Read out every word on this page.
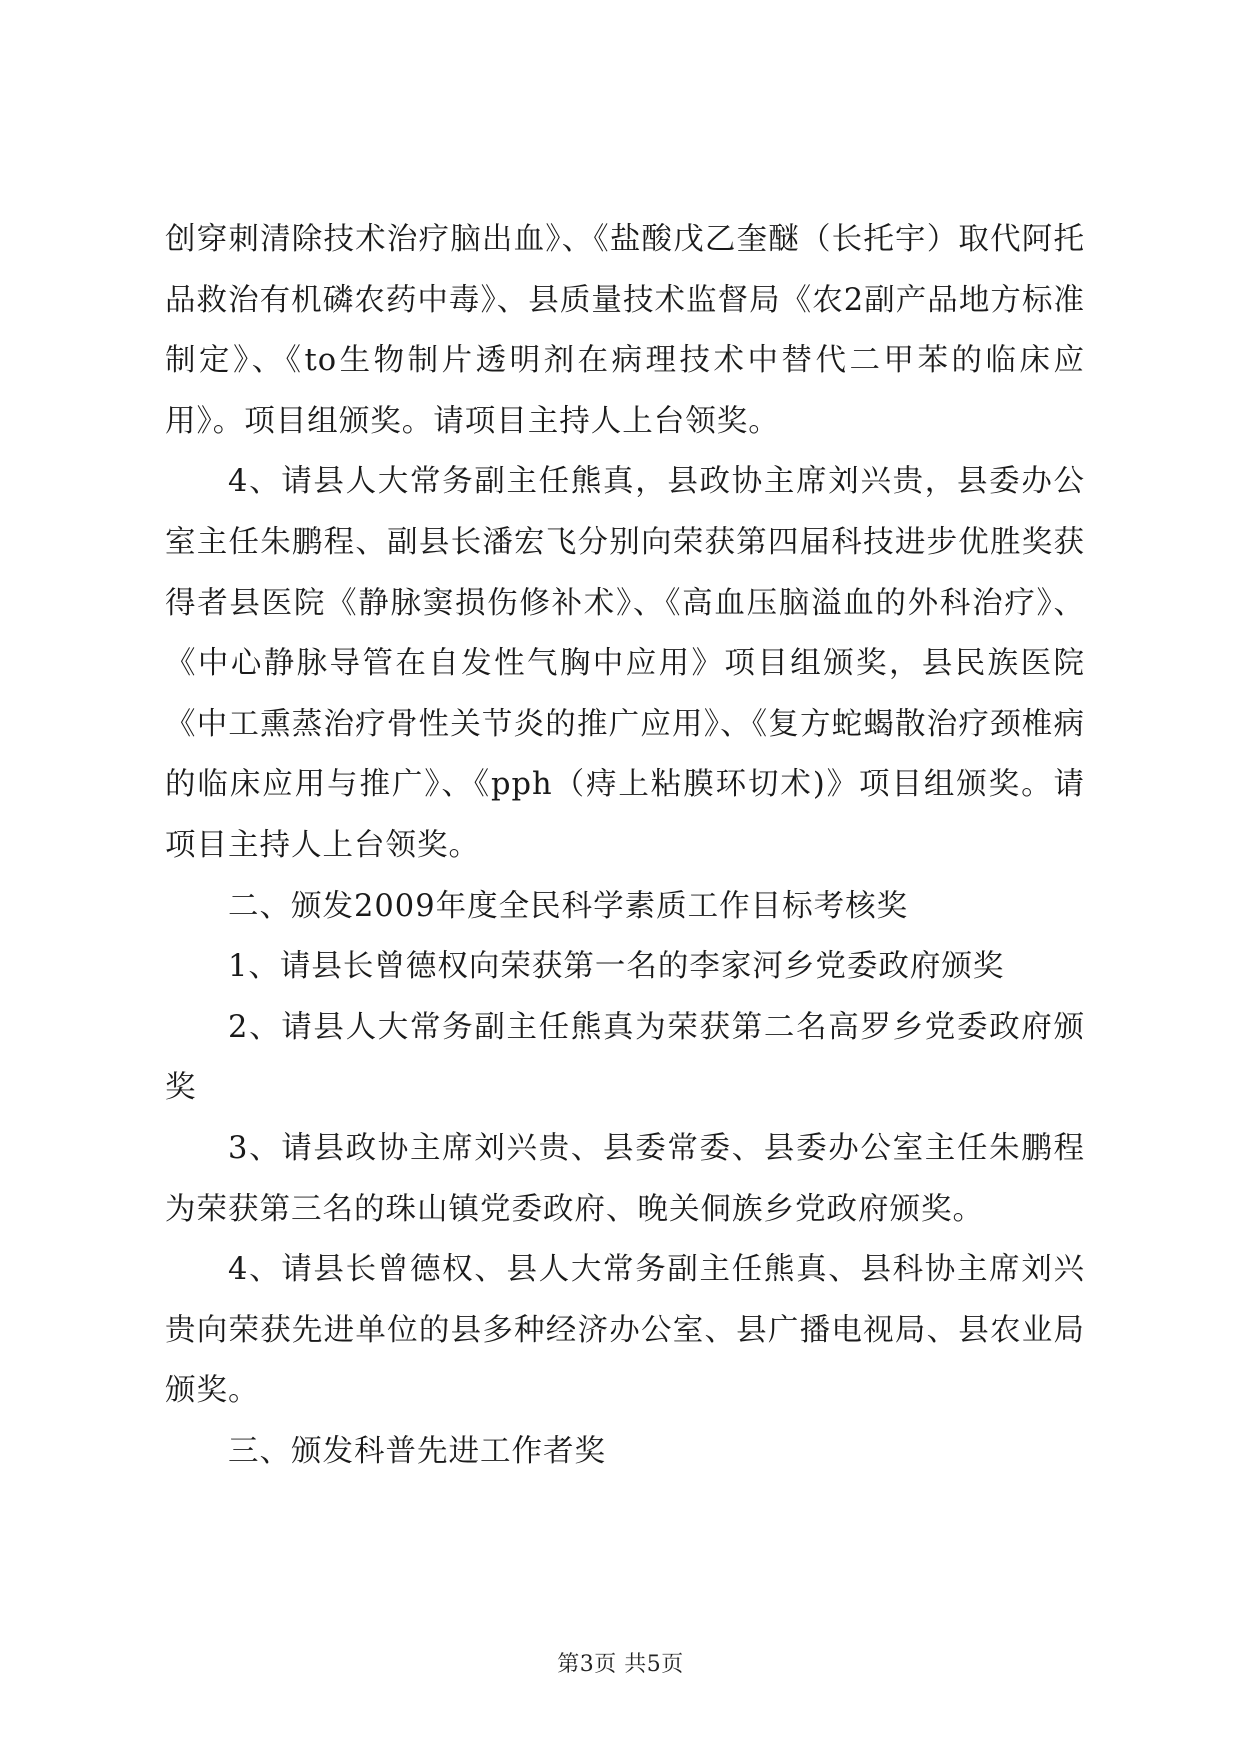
创穿刺清除技术治疗脑出血》、《盐酸戊乙奎醚（长托宇）取代阿托品救治有机磷农药中毒》、县质量技术监督局《农2副产品地方标准制定》、《to生物制片透明剂在病理技术中替代二甲苯的临床应用》。项目组颁奖。请项目主持人上台领奖。

4、请县人大常务副主任熊真，县政协主席刘兴贵，县委办公室主任朱鹏程、副县长潘宏飞分别向荣获第四届科技进步优胜奖获得者县医院《静脉窦损伤修补术》、《高血压脑溢血的外科治疗》、《中心静脉导管在自发性气胸中应用》项目组颁奖，县民族医院《中工熏蒸治疗骨性关节炎的推广应用》、《复方蛇蝎散治疗颈椎病的临床应用与推广》、《pph（痔上粘膜环切术)》项目组颁奖。请项目主持人上台领奖。

二、颁发2009年度全民科学素质工作目标考核奖

1、请县长曾德权向荣获第一名的李家河乡党委政府颁奖

2、请县人大常务副主任熊真为荣获第二名高罗乡党委政府颁奖

3、请县政协主席刘兴贵、县委常委、县委办公室主任朱鹏程为荣获第三名的珠山镇党委政府、晚关侗族乡党政府颁奖。

4、请县长曾德权、县人大常务副主任熊真、县科协主席刘兴贵向荣获先进单位的县多种经济办公室、县广播电视局、县农业局颁奖。

三、颁发科普先进工作者奖

第3页 共5页
